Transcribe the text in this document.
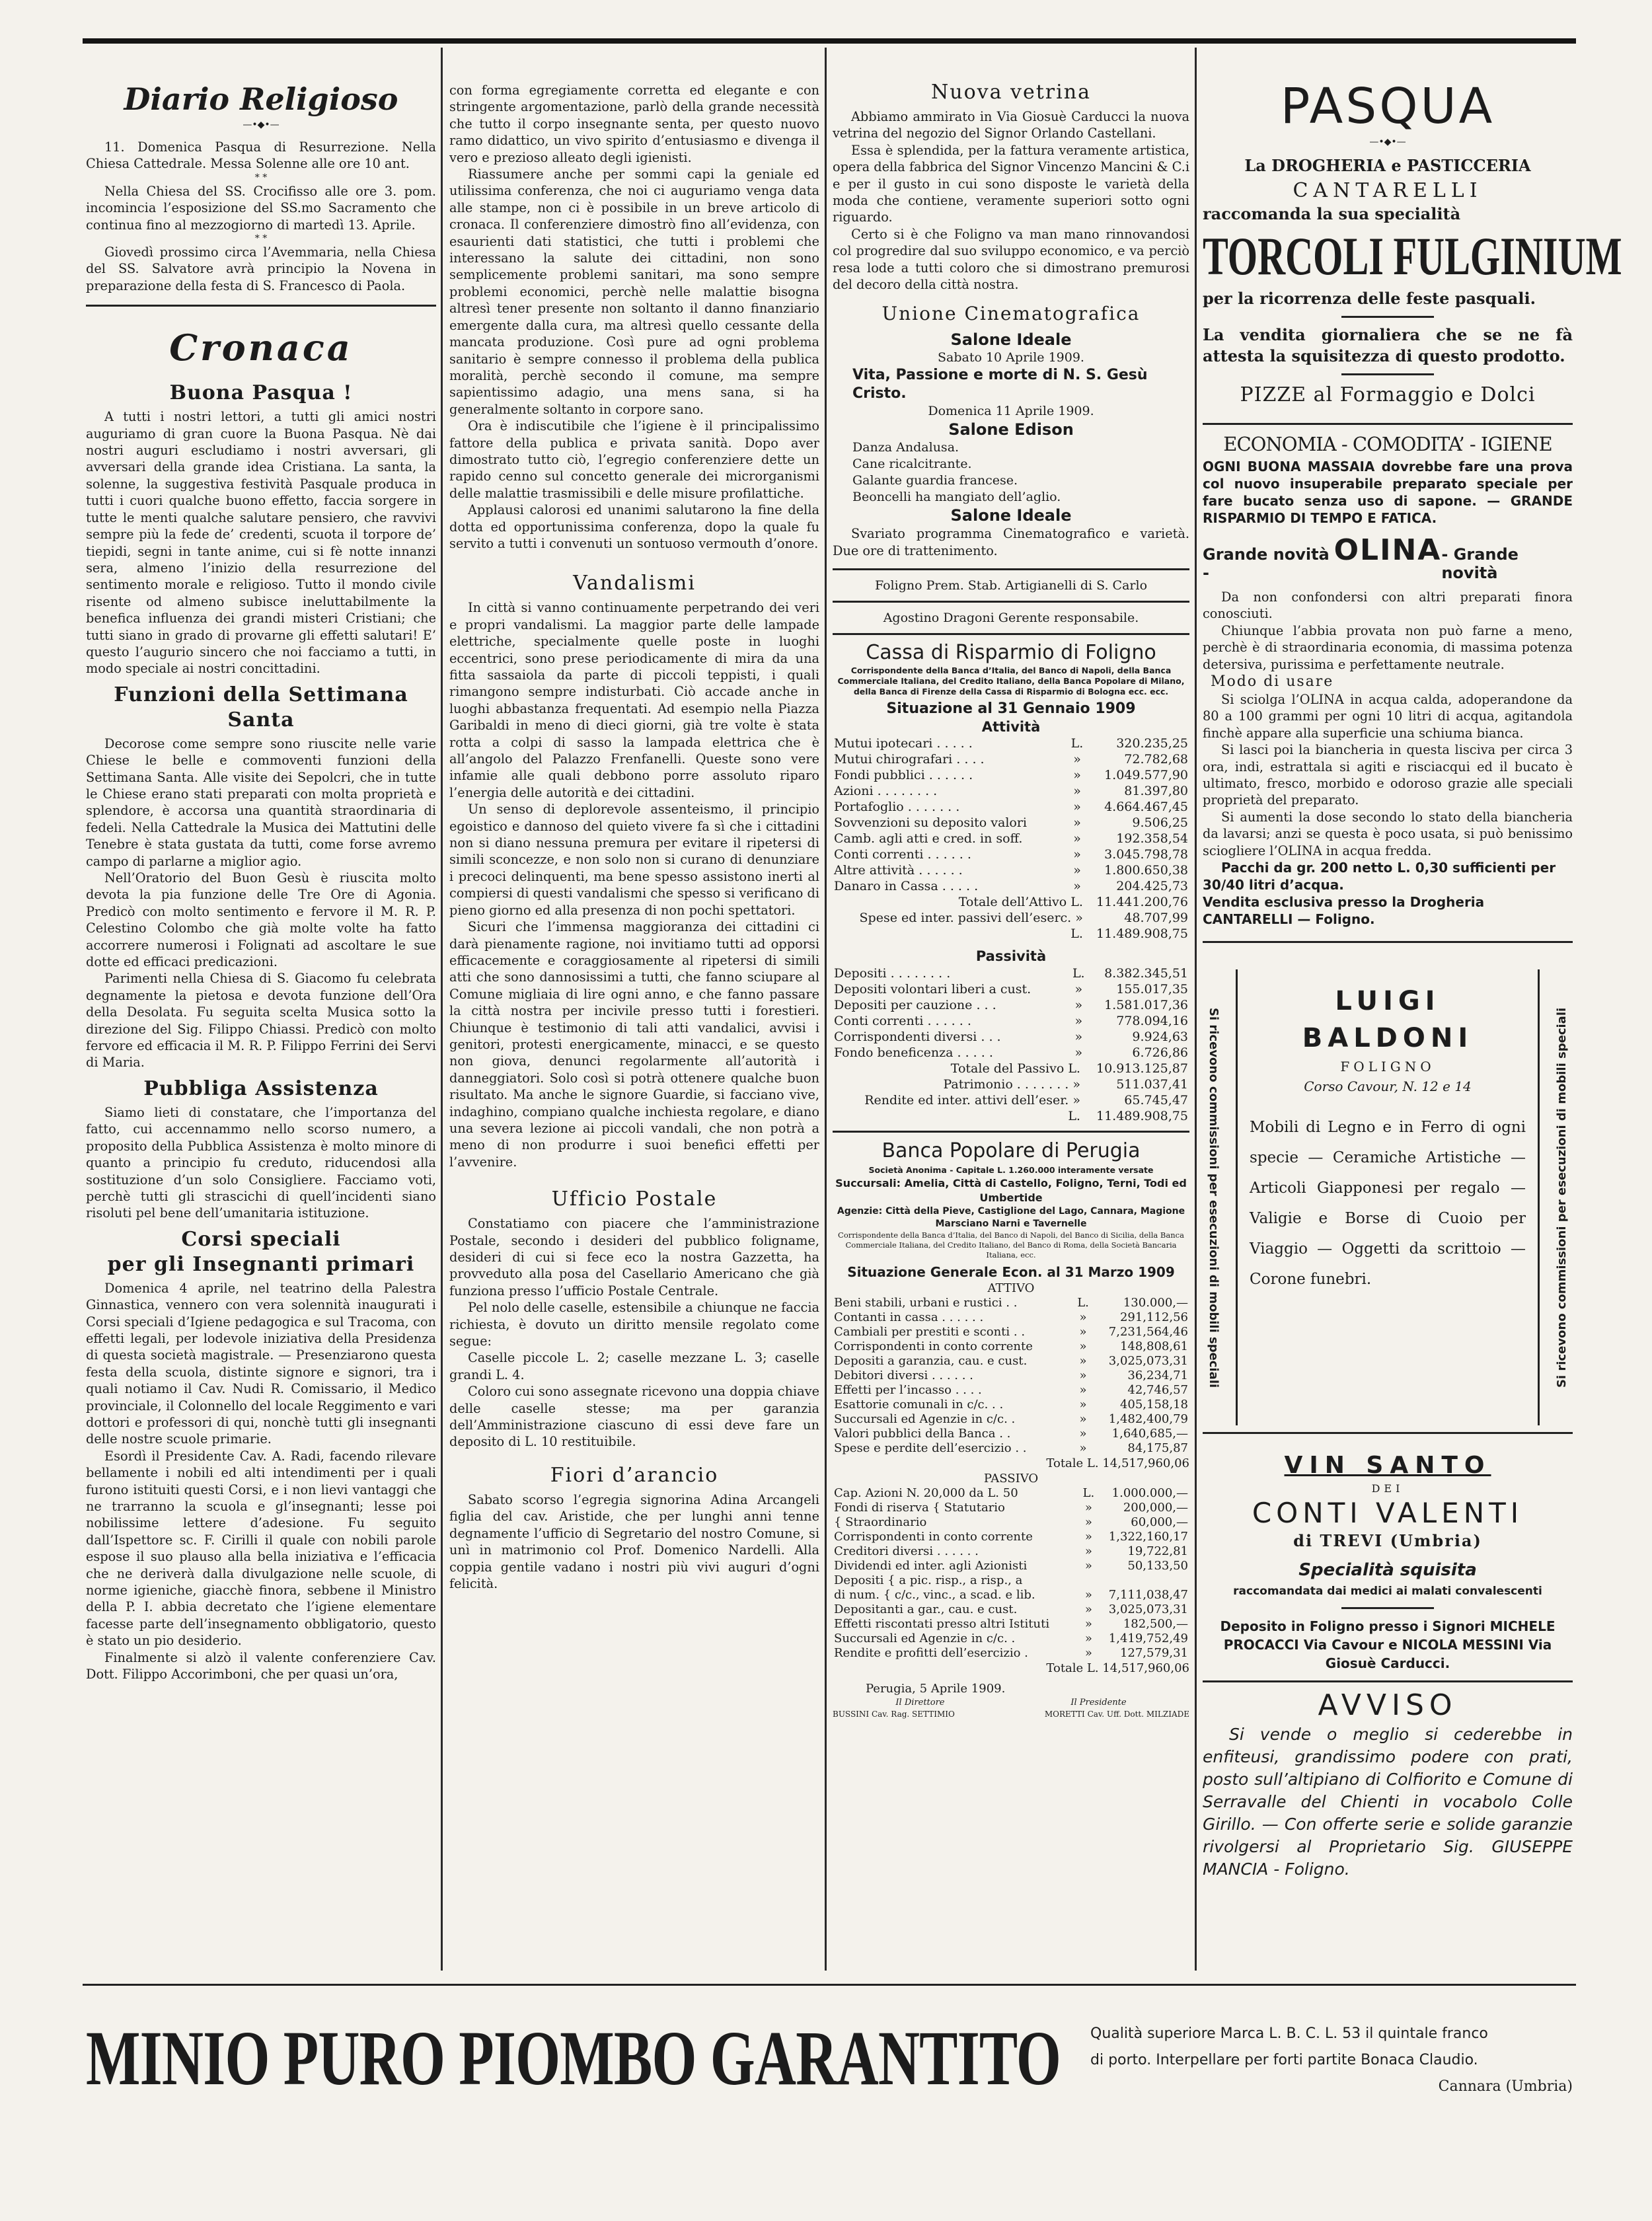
Diario Religioso
—•◆•—

11. Domenica Pasqua di Resurrezione. Nella Chiesa Cattedrale. Messa Solenne alle ore 10 ant.

* *

Nella Chiesa del SS. Crocifisso alle ore 3. pom. incomincia l’esposizione del SS.mo Sacramento che continua fino al mezzogiorno di martedì 13. Aprile.

* *

Giovedì prossimo circa l’Avemmaria, nella Chiesa del SS. Salvatore avrà principio la Novena in preparazione della festa di S. Francesco di Paola.

Cronaca
Buona Pasqua !

A tutti i nostri lettori, a tutti gli amici nostri auguriamo di gran cuore la Buona Pasqua. Nè dai nostri auguri escludiamo i nostri avversari, gli avversari della grande idea Cristiana. La santa, la solenne, la suggestiva festività Pasquale produca in tutti i cuori qualche buono effetto, faccia sorgere in tutte le menti qualche salutare pensiero, che ravvivi sempre più la fede de’ credenti, scuota il torpore de’ tiepidi, segni in tante anime, cui si fè notte innanzi sera, almeno l’inizio della resurrezione del sentimento morale e religioso. Tutto il mondo civile risente od almeno subisce ineluttabilmente la benefica influenza dei grandi misteri Cristiani; che tutti siano in grado di provarne gli effetti salutari! E’ questo l’augurio sincero che noi facciamo a tutti, in modo speciale ai nostri concittadini.

Funzioni della Settimana Santa

Decorose come sempre sono riuscite nelle varie Chiese le belle e commoventi funzioni della Settimana Santa. Alle visite dei Sepolcri, che in tutte le Chiese erano stati preparati con molta proprietà e splendore, è accorsa una quantità straordinaria di fedeli. Nella Cattedrale la Musica dei Mattutini delle Tenebre è stata gustata da tutti, come forse avremo campo di parlarne a miglior agio.

Nell’Oratorio del Buon Gesù è riuscita molto devota la pia funzione delle Tre Ore di Agonia. Predicò con molto sentimento e fervore il M. R. P. Celestino Colombo che già molte volte ha fatto accorrere numerosi i Folignati ad ascoltare le sue dotte ed efficaci predicazioni.

Parimenti nella Chiesa di S. Giacomo fu celebrata degnamente la pietosa e devota funzione dell’Ora della Desolata. Fu seguita scelta Musica sotto la direzione del Sig. Filippo Chiassi. Predicò con molto fervore ed efficacia il M. R. P. Filippo Ferrini dei Servi di Maria.

Pubbliga Assistenza

Siamo lieti di constatare, che l’importanza del fatto, cui accennammo nello scorso numero, a proposito della Pubblica Assistenza è molto minore di quanto a principio fu creduto, riducendosi alla sostituzione d’un solo Consigliere. Facciamo voti, perchè tutti gli strascichi di quell’incidenti siano risoluti pel bene dell’umanitaria istituzione.

Corsi speciali
per gli Insegnanti primari

Domenica 4 aprile, nel teatrino della Palestra Ginnastica, vennero con vera solennità inaugurati i Corsi speciali d’Igiene pedagogica e sul Tracoma, con effetti legali, per lodevole iniziativa della Presidenza di questa società magistrale. — Presenziarono questa festa della scuola, distinte signore e signori, tra i quali notiamo il Cav. Nudi R. Comissario, il Medico provinciale, il Colonnello del locale Reggimento e vari dottori e professori di qui, nonchè tutti gli insegnanti delle nostre scuole primarie.

Esordì il Presidente Cav. A. Radi, facendo rilevare bellamente i nobili ed alti intendimenti per i quali furono istituiti questi Corsi, e i non lievi vantaggi che ne trarranno la scuola e gl’insegnanti; lesse poi nobilissime lettere d’adesione. Fu seguito dall’Ispettore sc. F. Cirilli il quale con nobili parole espose il suo plauso alla bella iniziativa e l’efficacia che ne deriverà dalla divulgazione nelle scuole, di norme igieniche, giacchè finora, sebbene il Ministro della P. I. abbia decretato che l’igiene elementare facesse parte dell’insegnamento obbligatorio, questo è stato un pio desiderio.

Finalmente si alzò il valente conferenziere Cav. Dott. Filippo Accorimboni, che per quasi un’ora,

con forma egregiamente corretta ed elegante e con stringente argomentazione, parlò della grande necessità che tutto il corpo insegnante senta, per questo nuovo ramo didattico, un vivo spirito d’entusiasmo e divenga il vero e prezioso alleato degli igienisti.

Riassumere anche per sommi capi la geniale ed utilissima conferenza, che noi ci auguriamo venga data alle stampe, non ci è possibile in un breve articolo di cronaca. Il conferenziere dimostrò fino all’evidenza, con esaurienti dati statistici, che tutti i problemi che interessano la salute dei cittadini, non sono semplicemente problemi sanitari, ma sono sempre problemi economici, perchè nelle malattie bisogna altresì tener presente non soltanto il danno finanziario emergente dalla cura, ma altresì quello cessante della mancata produzione. Così pure ad ogni problema sanitario è sempre connesso il problema della publica moralità, perchè secondo il comune, ma sempre sapientissimo adagio, una mens sana, si ha generalmente soltanto in corpore sano.

Ora è indiscutibile che l’igiene è il principalissimo fattore della publica e privata sanità. Dopo aver dimostrato tutto ciò, l’egregio conferenziere dette un rapido cenno sul concetto generale dei microrganismi delle malattie trasmissibili e delle misure profilattiche.

Applausi calorosi ed unanimi salutarono la fine della dotta ed opportunissima conferenza, dopo la quale fu servito a tutti i convenuti un sontuoso vermouth d’onore.

Vandalismi

In città si vanno continuamente perpetrando dei veri e propri vandalismi. La maggior parte delle lampade elettriche, specialmente quelle poste in luoghi eccentrici, sono prese periodicamente di mira da una fitta sassaiola da parte di piccoli teppisti, i quali rimangono sempre indisturbati. Ciò accade anche in luoghi abbastanza frequentati. Ad esempio nella Piazza Garibaldi in meno di dieci giorni, già tre volte è stata rotta a colpi di sasso la lampada elettrica che è all’angolo del Palazzo Frenfanelli. Queste sono vere infamie alle quali debbono porre assoluto riparo l’energia delle autorità e dei cittadini.

Un senso di deplorevole assenteismo, il principio egoistico e dannoso del quieto vivere fa sì che i cittadini non si diano nessuna premura per evitare il ripetersi di simili sconcezze, e non solo non si curano di denunziare i precoci delinquenti, ma bene spesso assistono inerti al compiersi di questi vandalismi che spesso si verificano di pieno giorno ed alla presenza di non pochi spettatori.

Sicuri che l’immensa maggioranza dei cittadini ci darà pienamente ragione, noi invitiamo tutti ad opporsi efficacemente e coraggiosamente al ripetersi di simili atti che sono dannosissimi a tutti, che fanno sciupare al Comune migliaia di lire ogni anno, e che fanno passare la città nostra per incivile presso tutti i forestieri. Chiunque è testimonio di tali atti vandalici, avvisi i genitori, protesti energicamente, minacci, e se questo non giova, denunci regolarmente all’autorità i danneggiatori. Solo così si potrà ottenere qualche buon risultato. Ma anche le signore Guardie, si facciano vive, indaghino, compiano qualche inchiesta regolare, e diano una severa lezione ai piccoli vandali, che non potrà a meno di non produrre i suoi benefici effetti per l’avvenire.

Ufficio Postale

Constatiamo con piacere che l’amministrazione Postale, secondo i desideri del pubblico foligname, desideri di cui si fece eco la nostra Gazzetta, ha provveduto alla posa del Casellario Americano che già funziona presso l’ufficio Postale Centrale.

Pel nolo delle caselle, estensibile a chiunque ne faccia richiesta, è dovuto un diritto mensile regolato come segue:

Caselle piccole L. 2; caselle mezzane L. 3; caselle grandi L. 4.

Coloro cui sono assegnate ricevono una doppia chiave delle caselle stesse; ma per garanzia dell’Amministrazione ciascuno di essi deve fare un deposito di L. 10 restituibile.

Fiori d’arancio

Sabato scorso l’egregia signorina Adina Arcangeli figlia del cav. Aristide, che per lunghi anni tenne degnamente l’ufficio di Segretario del nostro Comune, si unì in matrimonio col Prof. Domenico Nardelli. Alla coppia gentile vadano i nostri più vivi auguri d’ogni felicità.

Nuova vetrina

Abbiamo ammirato in Via Giosuè Carducci la nuova vetrina del negozio del Signor Orlando Castellani.

Essa è splendida, per la fattura veramente artistica, opera della fabbrica del Signor Vincenzo Mancini & C.i e per il gusto in cui sono disposte le varietà della moda che contiene, veramente superiori sotto ogni riguardo.

Certo si è che Foligno va man mano rinnovandosi col progredire dal suo sviluppo economico, e va perciò resa lode a tutti coloro che si dimostrano premurosi del decoro della città nostra.

Unione Cinematografica
Salone Ideale
Sabato 10 Aprile 1909.
Vita, Passione e morte di N. S. Gesù Cristo.
Domenica 11 Aprile 1909.
Salone Edison
Danza Andalusa.
Cane ricalcitrante.
Galante guardia francese.
Beoncelli ha mangiato dell’aglio.
Salone Ideale

Svariato programma Cinematografico e varietà. Due ore di trattenimento.

Foligno Prem. Stab. Artigianelli di S. Carlo
Agostino Dragoni Gerente responsabile.
Cassa di Risparmio di Foligno
Corrispondente della Banca d’Italia, del Banco di Napoli, della Banca Commerciale Italiana, del Credito Italiano, della Banca Popolare di Milano, della Banca di Firenze della Cassa di Risparmio di Bologna ecc. ecc.
Situazione al 31 Gennaio 1909
Attività
Mutui ipotecari . . . . .	L.	320.235,25
Mutui chirografari . . . .	»	72.782,68
Fondi pubblici . . . . . .	»	1.049.577,90
Azioni . . . . . . . .	»	81.397,80
Portafoglio . . . . . . .	»	4.664.467,45
Sovvenzioni su deposito valori	»	9.506,25
Camb. agli atti e cred. in soff.	»	192.358,54
Conti correnti . . . . . .	»	3.045.798,78
Altre attività . . . . . .	»	1.800.650,38
Danaro in Cassa . . . . .	»	204.425,73
Totale dell’Attivo L.	11.441.200,76
Spese ed inter. passivi dell’eserc. »	48.707,99
L.	11.489.908,75
Passività
Depositi . . . . . . . .	L.	8.382.345,51
Depositi volontari liberi a cust.	»	155.017,35
Depositi per cauzione . . .	»	1.581.017,36
Conti correnti . . . . . .	»	778.094,16
Corrispondenti diversi . . .	»	9.924,63
Fondo beneficenza . . . . .	»	6.726,86
Totale del Passivo L.	10.913.125,87
Patrimonio . . . . . . . »	511.037,41
Rendite ed inter. attivi dell’eser. »	65.745,47
L.	11.489.908,75
Banca Popolare di Perugia
Società Anonima - Capitale L. 1.260.000 interamente versate
Succursali: Amelia, Città di Castello, Foligno, Terni, Todi ed Umbertide
Agenzie: Città della Pieve, Castiglione del Lago, Cannara, Magione Marsciano Narni e Tavernelle
Corrispondente della Banca d’Italia, del Banco di Napoli, del Banco di Sicilia, della Banca Commerciale Italiana, del Credito Italiano, del Banco di Roma, della Società Bancaria Italiana, ecc.
Situazione Generale Econ. al 31 Marzo 1909
ATTIVO
Beni stabili, urbani e rustici . .	L.	130.000,—
Contanti in cassa . . . . . .	»	291,112,56
Cambiali per prestiti e sconti . .	»	7,231,564,46
Corrispondenti in conto corrente	»	148,808,61
Depositi a garanzia, cau. e cust.	»	3,025,073,31
Debitori diversi . . . . . .	»	36,234,71
Effetti per l’incasso . . . .	»	42,746,57
Esattorie comunali in c/c. . .	»	405,158,18
Succursali ed Agenzie in c/c. .	»	1,482,400,79
Valori pubblici della Banca . .	»	1,640,685,—
Spese e perdite dell’esercizio . .	»	84,175,87
Totale L. 14,517,960,06
PASSIVO
Cap. Azioni N. 20,000 da L. 50	L.	1.000.000,—
Fondi di riserva { Statutario	»	200,000,—
{ Straordinario	»	60,000,—
Corrispondenti in conto corrente	»	1,322,160,17
Creditori diversi . . . . . .	»	19,722,81
Dividendi ed inter. agli Azionisti	»	50,133,50
Depositi { a pic. risp., a risp., a		
di num. { c/c., vinc., a scad. e lib.	»	7,111,038,47
Depositanti a gar., cau. e cust.	»	3,025,073,31
Effetti riscontati presso altri Istituti	»	182,500,—
Succursali ed Agenzie in c/c. .	»	1,419,752,49
Rendite e profitti dell’esercizio .	»	127,579,31
Totale L. 14,517,960,06
Perugia, 5 Aprile 1909.
Il Direttore	Il Presidente
BUSSINI Cav. Rag. SETTIMIO	MORETTI Cav. Uff. Dott. MILZIADE
PASQUA
—•◆•—
La DROGHERIA e PASTICCERIA
CANTARELLI
raccomanda la sua specialità
TORCOLI FULGINIUM
per la ricorrenza delle feste pasquali.
La vendita giornaliera che se ne fà attesta la squisitezza di questo prodotto.
PIZZE al Formaggio e Dolci
ECONOMIA - COMODITA’ - IGIENE
OGNI BUONA MASSAIA dovrebbe fare una prova col nuovo insuperabile preparato speciale per fare bucato senza uso di sapone. — GRANDE RISPARMIO DI TEMPO E FATICA.
Grande novità -
OLINA - Grande novità

Da non confondersi con altri preparati finora conosciuti.

Chiunque l’abbia provata non può farne a meno, perchè è di straordinaria economia, di massima potenza detersiva, purissima e perfettamente neutrale.

Modo di usare

Si sciolga l’OLINA in acqua calda, adoperandone da 80 a 100 grammi per ogni 10 litri di acqua, agitandola finchè appare alla superficie una schiuma bianca.

Si lasci poi la biancheria in questa lisciva per circa 3 ora, indi, estrattala si agiti e risciacqui ed il bucato è ultimato, fresco, morbido e odoroso grazie alle speciali proprietà del preparato.

Si aumenti la dose secondo lo stato della biancheria da lavarsi; anzi se questa è poco usata, si può benissimo sciogliere l’OLINA in acqua fredda.

Pacchi da gr. 200 netto L. 0,30 sufficienti per 30/40 litri d’acqua.
Vendita esclusiva presso la Drogheria CANTARELLI — Foligno.
Si ricevono commissioni per esecuzioni di mobili speciali	Si ricevono commissioni per esecuzioni di mobili speciali
LUIGI BALDONI
FOLIGNO
Corso Cavour, N. 12 e 14
Mobili di Legno e in Ferro di ogni specie — Ceramiche Artistiche — Articoli Giapponesi per regalo — Valigie e Borse di Cuoio per Viaggio — Oggetti da scrittoio — Corone funebri.
VIN SANTO
DEI
CONTI VALENTI
di TREVI (Umbria)
Specialità squisita
raccomandata dai medici ai malati convalescenti
Deposito in Foligno presso i Signori MICHELE PROCACCI Via Cavour e NICOLA MESSINI Via Giosuè Carducci.
AVVISO
Si vende o meglio si cederebbe in enfiteusi, grandissimo podere con prati, posto sull’altipiano di Colfiorito e Comune di Serravalle del Chienti in vocabolo Colle Girillo. — Con offerte serie e solide garanzie rivolgersi al Proprietario Sig. GIUSEPPE MANCIA - Foligno.
MINIO PURO PIOMBO GARANTITO Qualità superiore Marca L. B. C. L. 53 il quintale franco
di porto. Interpellare per forti partite Bonaca Claudio.
Cannara (Umbria)
